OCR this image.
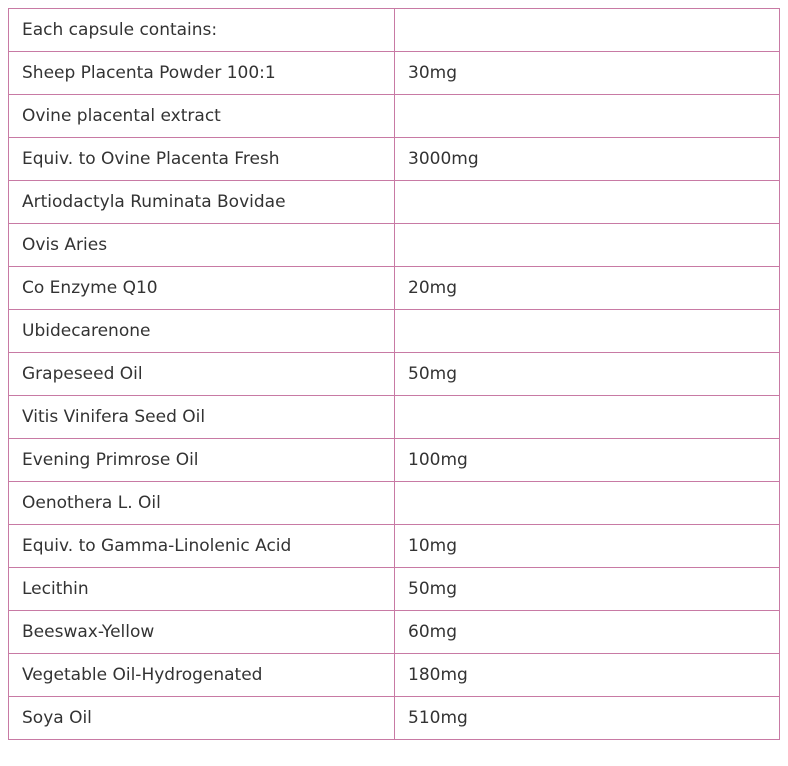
Each capsule contains:	
Sheep Placenta Powder 100:1	30mg
Ovine placental extract	
Equiv. to Ovine Placenta Fresh	3000mg
Artiodactyla Ruminata Bovidae	
Ovis Aries	
Co Enzyme Q10	20mg
Ubidecarenone	
Grapeseed Oil	50mg
Vitis Vinifera Seed Oil	
Evening Primrose Oil	100mg
Oenothera L. Oil	
Equiv. to Gamma-Linolenic Acid	10mg
Lecithin	50mg
Beeswax-Yellow	60mg
Vegetable Oil-Hydrogenated	180mg
Soya Oil	510mg
